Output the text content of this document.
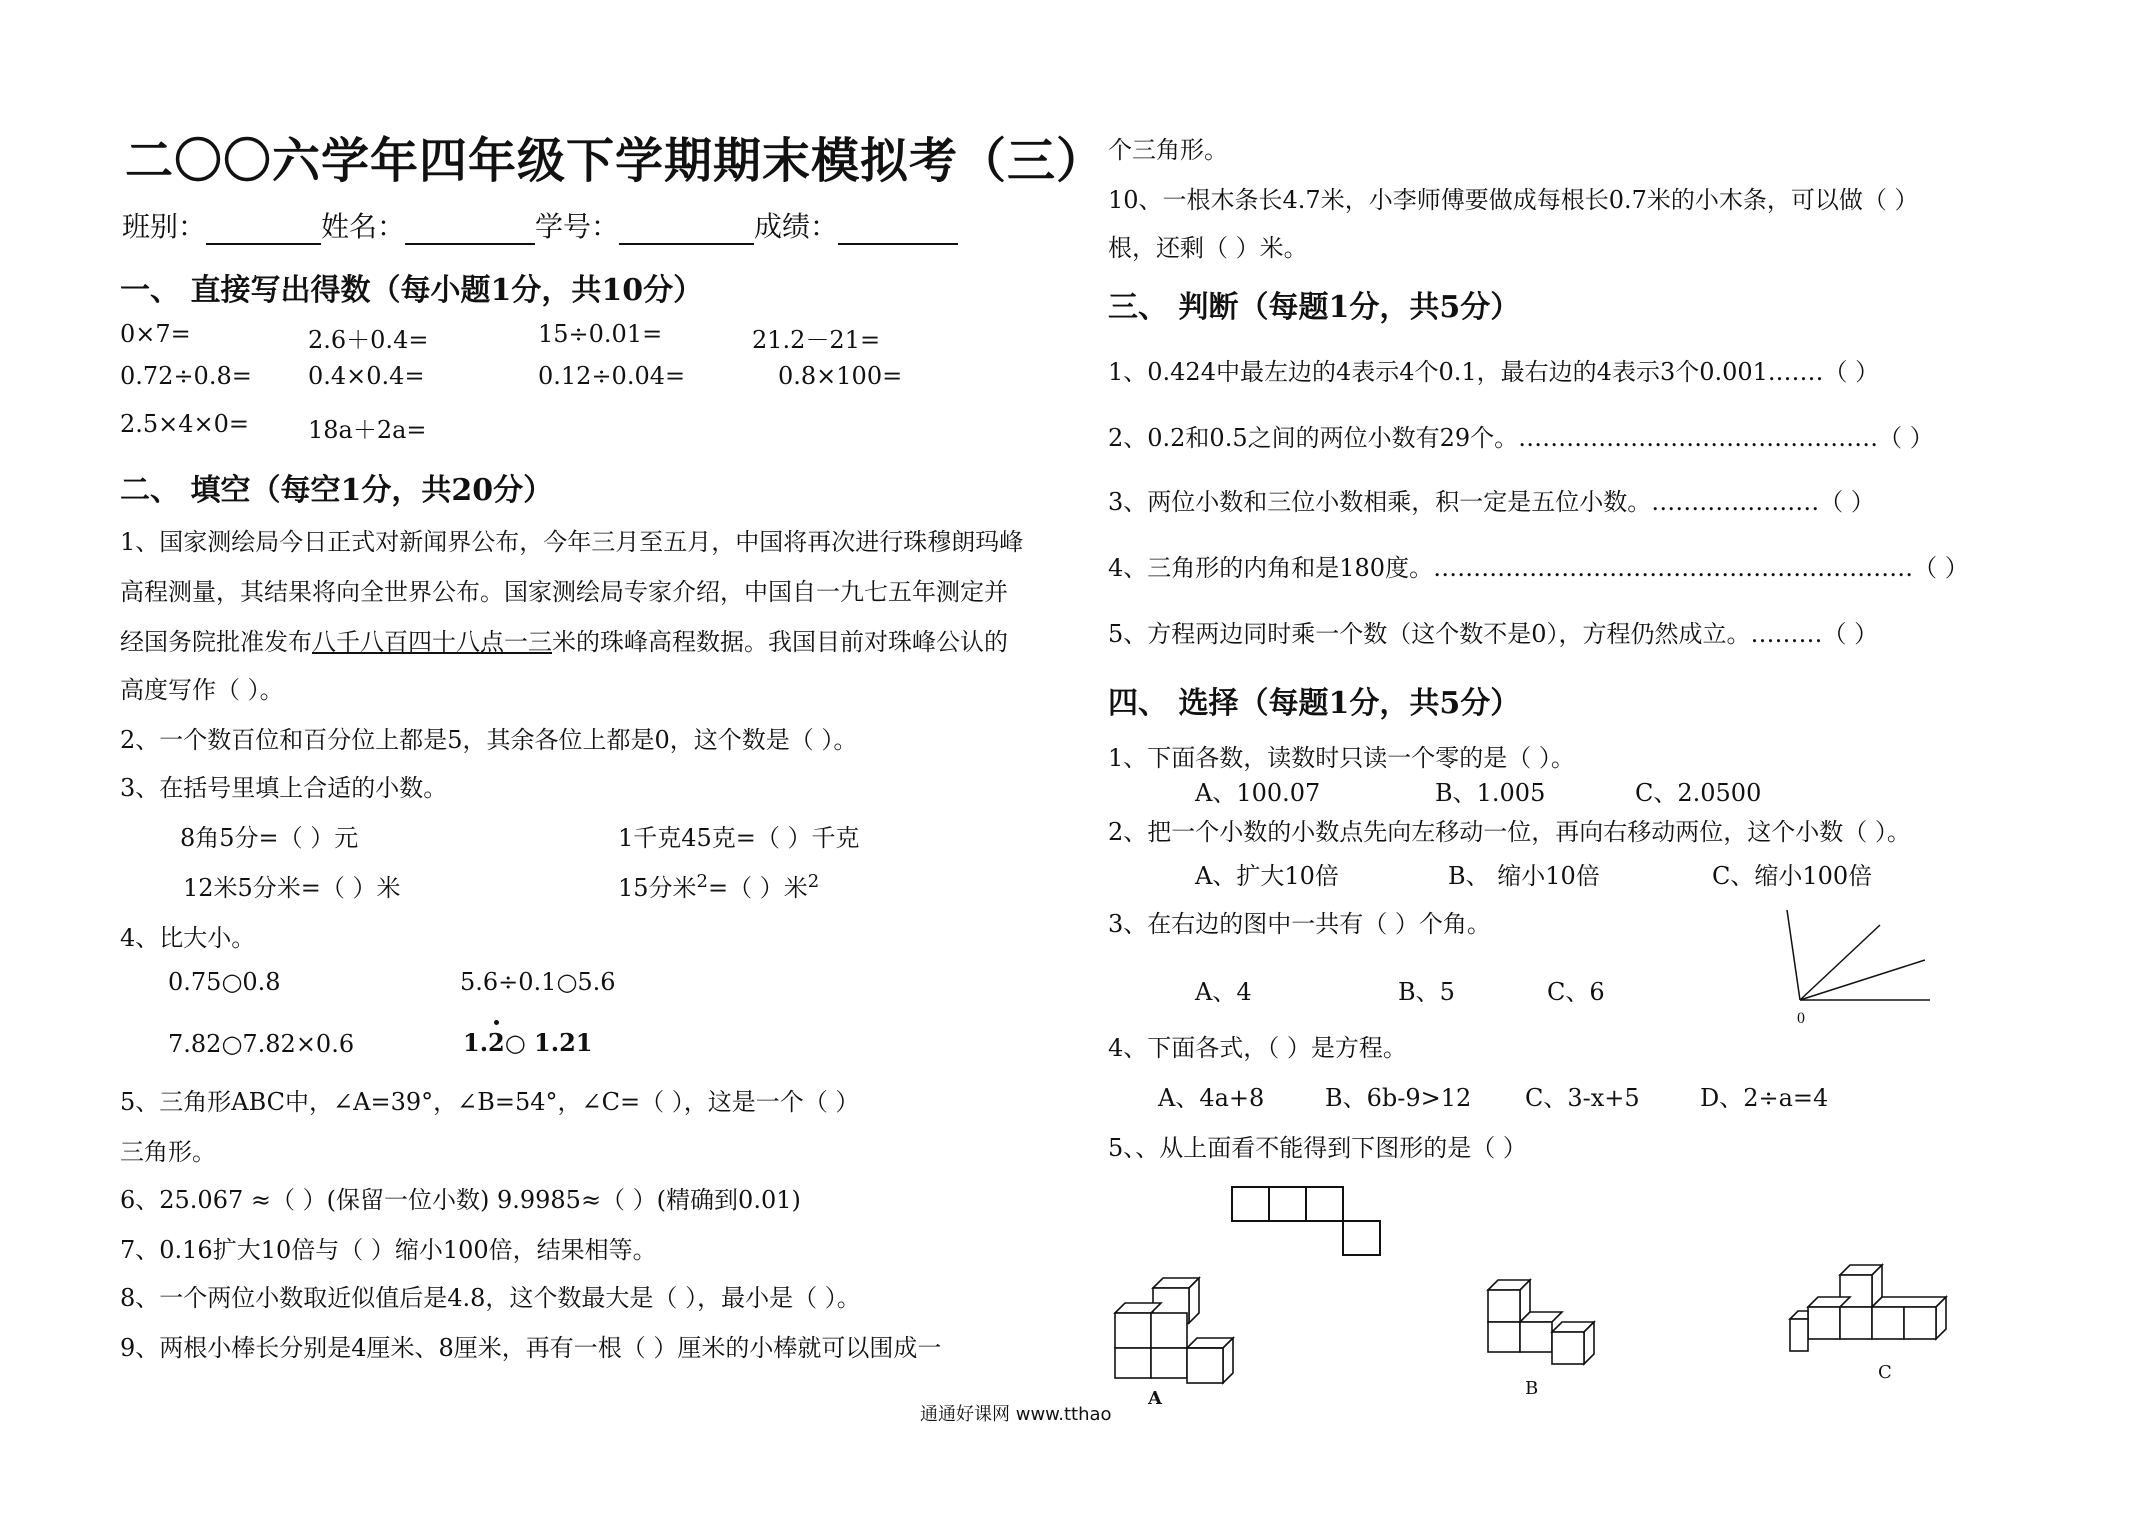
二〇〇六学年四年级下学期期末模拟考（三）
班别：	姓名：	学号：	成绩：
一、 直接写出得数（每小题1分，共10分）
0×7=	2.6＋0.4=	15÷0.01=	21.2－21=
0.72÷0.8= 0.4×0.4=	0.12÷0.04=	0.8×100=
2.5×4×0= 18a＋2a=
二、 填空（每空1分，共20分）
1、国家测绘局今日正式对新闻界公布，今年三月至五月，中国将再次进行珠穆朗玛峰
高程测量，其结果将向全世界公布。国家测绘局专家介绍，中国自一九七五年测定并
经国务院批准发布八千八百四十八点一三米的珠峰高程数据。我国目前对珠峰公认的
高度写作（ ）。
2、一个数百位和百分位上都是5，其余各位上都是0，这个数是（ ）。
3、在括号里填上合适的小数。
8角5分=（ ）元	1千克45克=（ ）千克
12米5分米=（ ）米	15分米$^2$=（ ）米$^2$
4、比大小。
0.75○0.8	5.6÷0.1○5.6
7.82○7.82×0.6	1.2○ 1.21
5、三角形ABC中，∠A=39°，∠B=54°，∠C=（ ），这是一个（ ）
三角形。
6、25.067 ≈（ ）(保留一位小数) 9.9985≈（ ）(精确到0.01)
7、0.16扩大10倍与（ ）缩小100倍，结果相等。
8、一个两位小数取近似值后是4.8，这个数最大是（ ），最小是（ ）。
9、两根小棒长分别是4厘米、8厘米，再有一根（ ）厘米的小棒就可以围成一
个三角形。
10、一根木条长4.7米，小李师傅要做成每根长0.7米的小木条，可以做（ ）
根，还剩（ ）米。
三、 判断（每题1分，共5分）
1、0.424中最左边的4表示4个0.1，最右边的4表示3个0.001.……（ ）
2、0.2和0.5之间的两位小数有29个。………………………………………（ ）
3、两位小数和三位小数相乘，积一定是五位小数。…………………（ ）
4、三角形的内角和是180度。……………………………………………………（ ）
5、方程两边同时乘一个数（这个数不是0），方程仍然成立。………（ ）
四、 选择（每题1分，共5分）
1、下面各数，读数时只读一个零的是（ ）。
A、100.07	B、1.005	C、2.0500
2、把一个小数的小数点先向左移动一位，再向右移动两位，这个小数（ ）。
A、扩大10倍	B、 缩小10倍	C、缩小100倍
3、在右边的图中一共有（ ）个角。
A、4	B、5	C、6
0
4、下面各式，（ ）是方程。
A、4a+8	B、6b-9>12 C、3-x+5	D、2÷a=4
5、、从上面看不能得到下图形的是（ ）
A	B
C
通通好课网 www.tthao
